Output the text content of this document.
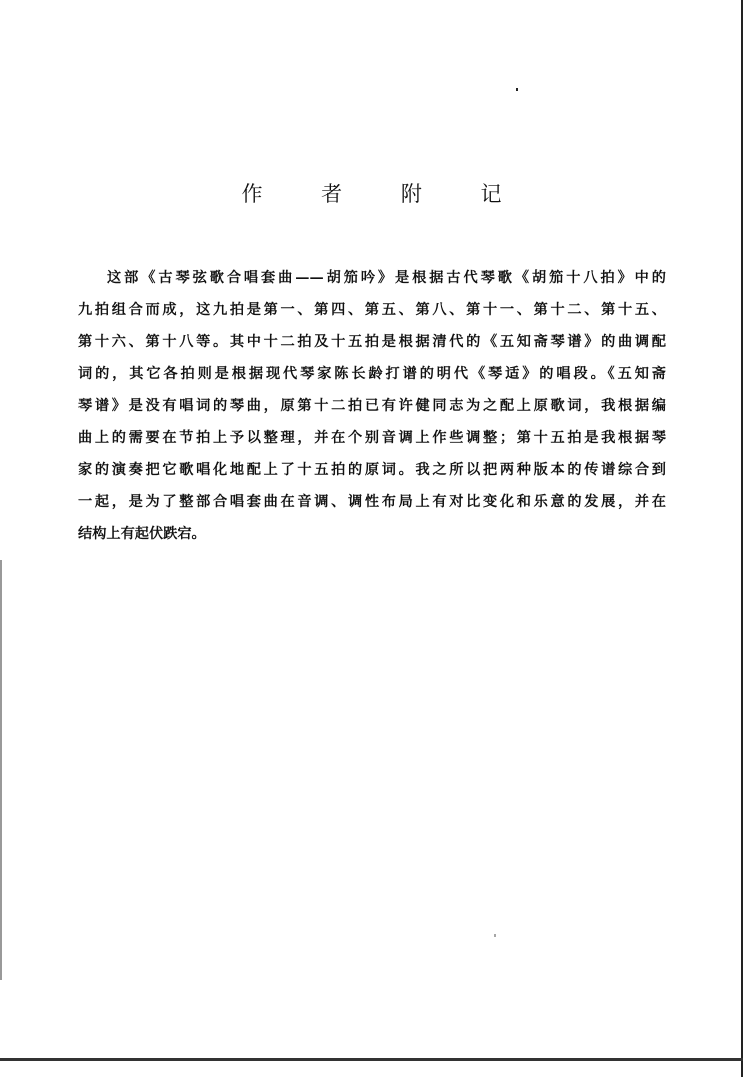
作 者 附 记
这部《古琴弦歌合唱套曲——胡笳吟》是根据古代琴歌《胡笳十八拍》中的
九拍组合而成，这九拍是第一、第四、第五、第八、第十一、第十二、第十五、
第十六、第十八等。其中十二拍及十五拍是根据清代的《五知斋琴谱》的曲调配
词的，其它各拍则是根据现代琴家陈长龄打谱的明代《琴适》的唱段。《五知斋
琴谱》是没有唱词的琴曲，原第十二拍已有许健同志为之配上原歌词，我根据编
曲上的需要在节拍上予以整理，并在个别音调上作些调整；第十五拍是我根据琴
家的演奏把它歌唱化地配上了十五拍的原词。我之所以把两种版本的传谱综合到
一起，是为了整部合唱套曲在音调、调性布局上有对比变化和乐意的发展，并在
结构上有起伏跌宕。
